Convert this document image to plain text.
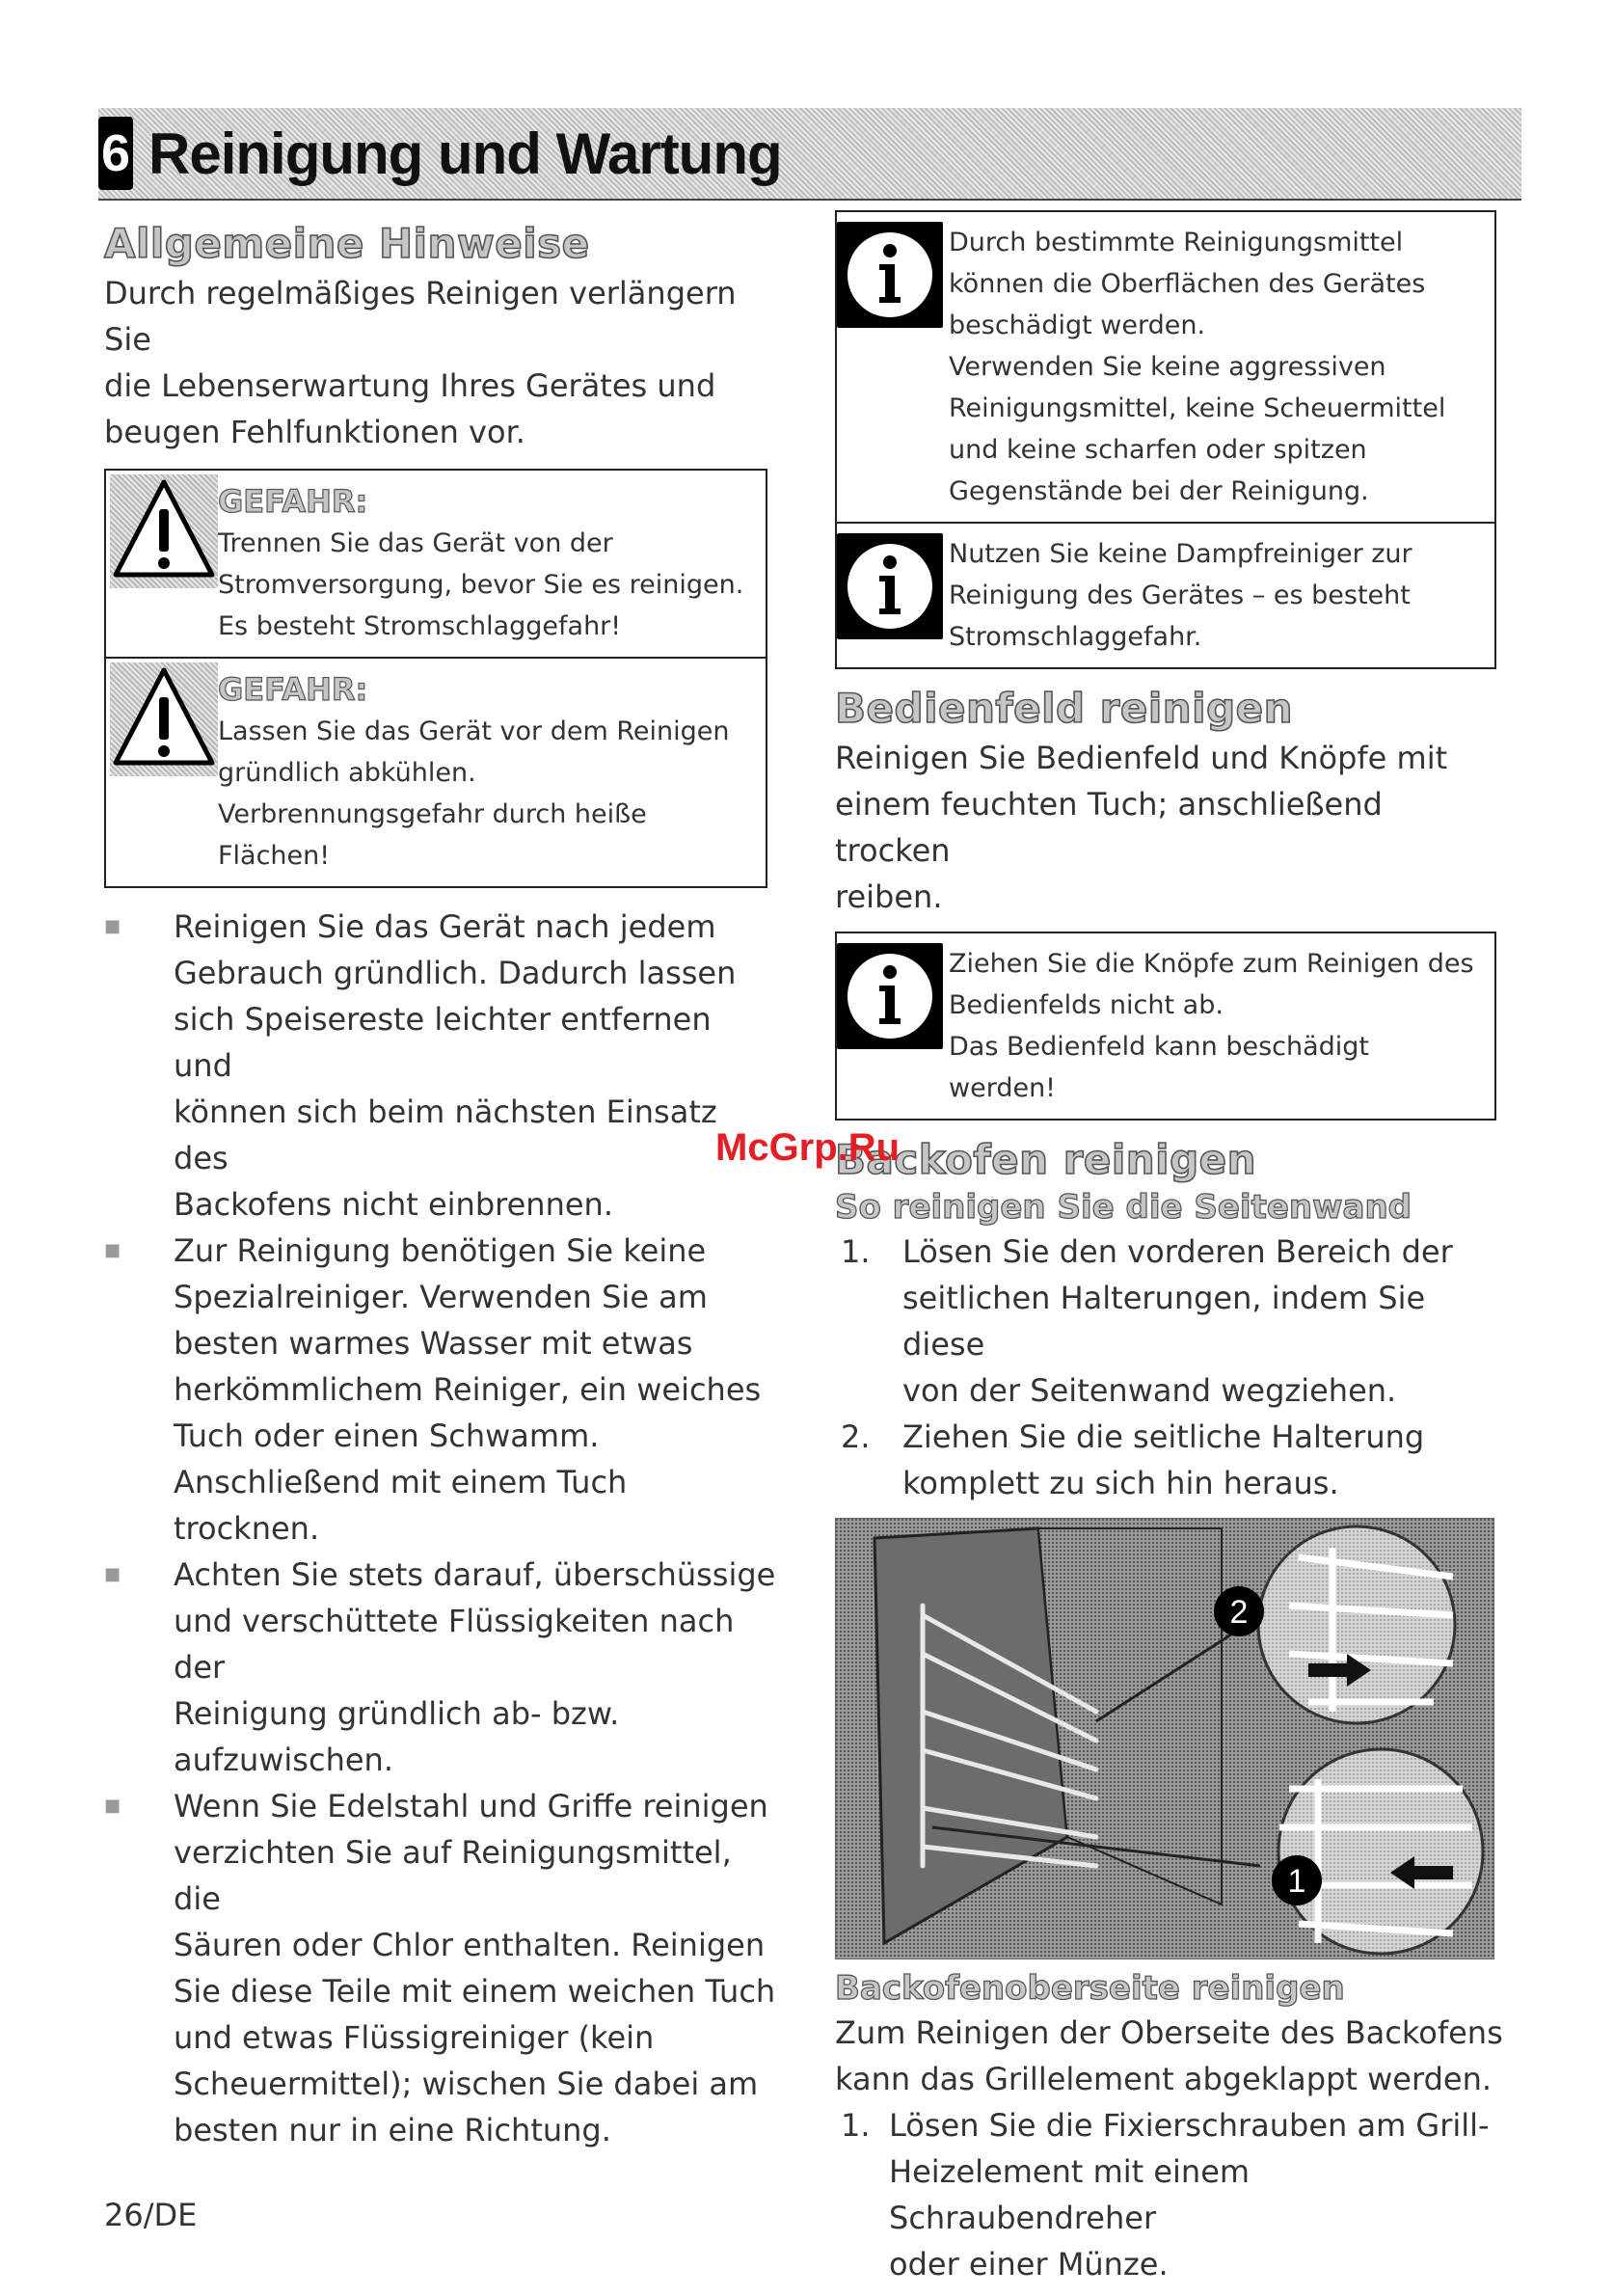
6 Reinigung und Wartung
Allgemeine Hinweise

Durch regelmäßiges Reinigen verlängern Sie

die Lebenserwartung Ihres Gerätes und

beugen Fehlfunktionen vor.

GEFAHR:
Trennen Sie das Gerät von der
Stromversorgung, bevor Sie es reinigen.
Es besteht Stromschlaggefahr!
GEFAHR:
Lassen Sie das Gerät vor dem Reinigen
gründlich abkühlen.
Verbrennungsgefahr durch heiße
Flächen!
■ Reinigen Sie das Gerät nach jedem
Gebrauch gründlich. Dadurch lassen
sich Speisereste leichter entfernen und
können sich beim nächsten Einsatz des
Backofens nicht einbrennen.
■ Zur Reinigung benötigen Sie keine
Spezialreiniger. Verwenden Sie am
besten warmes Wasser mit etwas
herkömmlichem Reiniger, ein weiches
Tuch oder einen Schwamm.
Anschließend mit einem Tuch trocknen.
■ Achten Sie stets darauf, überschüssige
und verschüttete Flüssigkeiten nach der
Reinigung gründlich ab- bzw.
aufzuwischen.
■ Wenn Sie Edelstahl und Griffe reinigen
verzichten Sie auf Reinigungsmittel, die
Säuren oder Chlor enthalten. Reinigen
Sie diese Teile mit einem weichen Tuch
und etwas Flüssigreiniger (kein
Scheuermittel); wischen Sie dabei am
besten nur in eine Richtung.
Durch bestimmte Reinigungsmittel
können die Oberflächen des Gerätes
beschädigt werden.
Verwenden Sie keine aggressiven
Reinigungsmittel, keine Scheuermittel
und keine scharfen oder spitzen
Gegenstände bei der Reinigung.
Nutzen Sie keine Dampfreiniger zur
Reinigung des Gerätes – es besteht
Stromschlaggefahr.
Bedienfeld reinigen

Reinigen Sie Bedienfeld und Knöpfe mit

einem feuchten Tuch; anschließend trocken

reiben.

Ziehen Sie die Knöpfe zum Reinigen des
Bedienfelds nicht ab.
Das Bedienfeld kann beschädigt
werden!
Backofen reinigen
So reinigen Sie die Seitenwand
1. Lösen Sie den vorderen Bereich der
seitlichen Halterungen, indem Sie diese
von der Seitenwand wegziehen.
2. Ziehen Sie die seitliche Halterung
komplett zu sich hin heraus.
2
1
Backofenoberseite reinigen

Zum Reinigen der Oberseite des Backofens

kann das Grillelement abgeklappt werden.

1. Lösen Sie die Fixierschrauben am Grill-
Heizelement mit einem Schraubendreher
oder einer Münze.
McGrp.Ru
26/DE
